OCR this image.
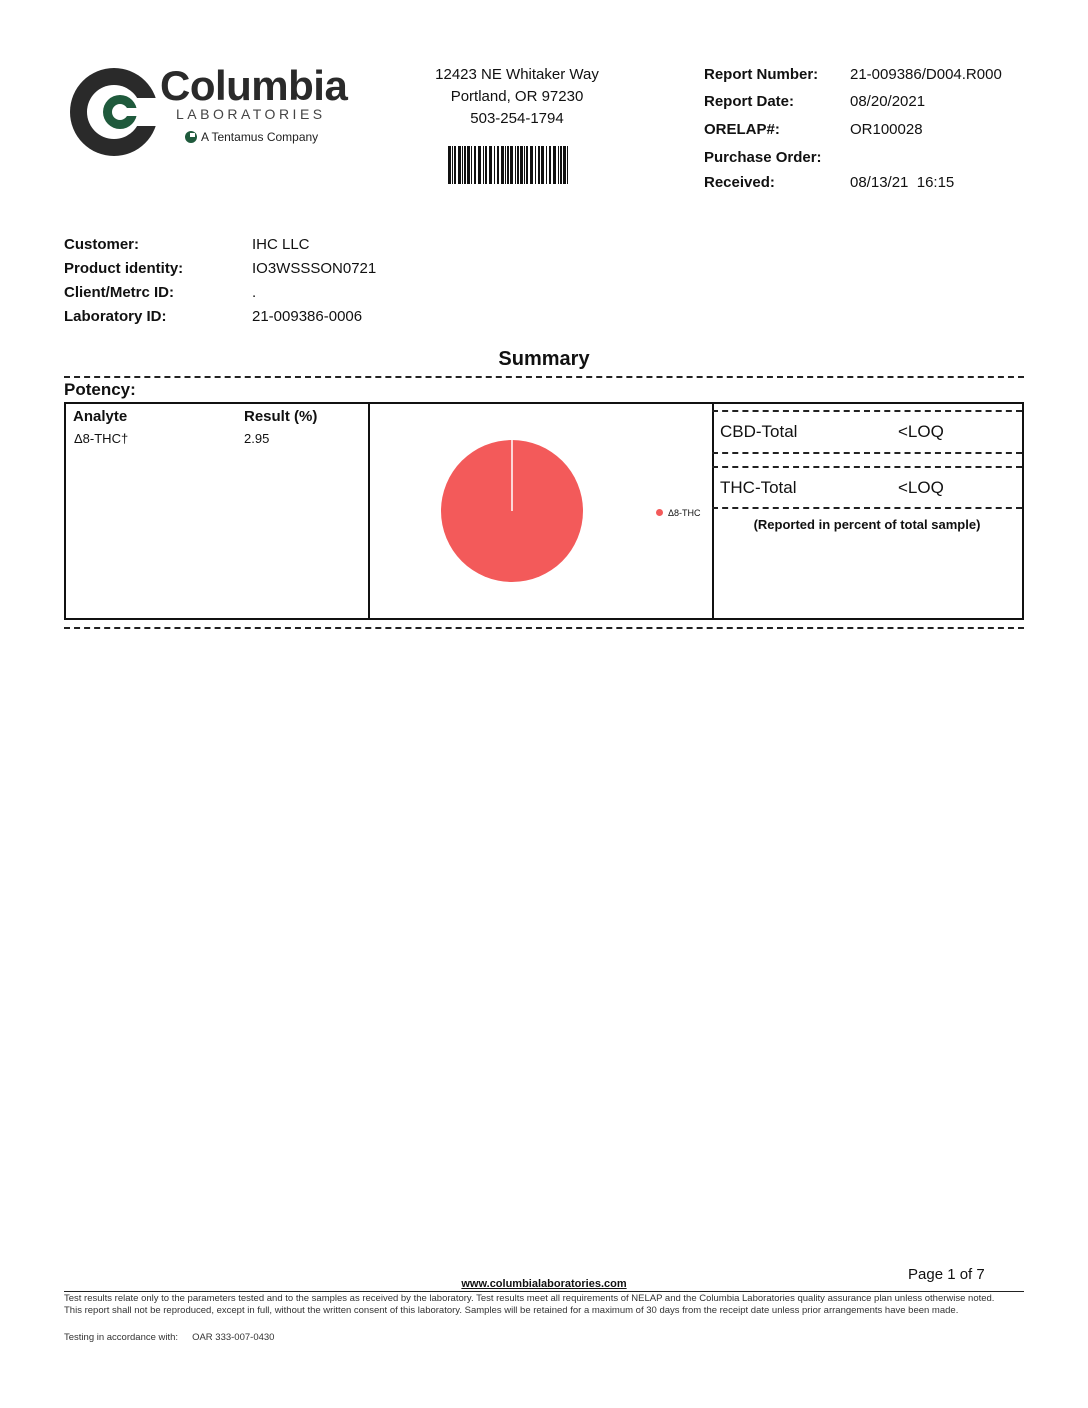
Columbia
LABORATORIES
A Tentamus Company
12423 NE Whitaker Way
Portland, OR 97230
503-254-1794
Report Number: 21-009386/D004.R000
Report Date:	08/20/2021
ORELAP#:	OR100028
Purchase Order:
Received:	08/13/21  16:15
Customer:	IHC LLC
Product identity:	IO3WSSSON0721
Client/Metrc ID:	.
Laboratory ID:	21-009386-0006
Summary
Potency:
Analyte	Result (%)
Δ8-THC†	2.95
Δ8-THC
CBD-Total	<LOQ
THC-Total	<LOQ
(Reported in percent of total sample)
Page 1 of 7
www.columbialaboratories.com
Test results relate only to the parameters tested and to the samples as received by the laboratory. Test results meet all requirements of NELAP and the Columbia Laboratories quality assurance plan unless otherwise noted. This report shall not be reproduced, except in full, without the written consent of this laboratory. Samples will be retained for a maximum of 30 days from the receipt date unless prior arrangements have been made.
Testing in accordance with: OAR 333-007-0430
